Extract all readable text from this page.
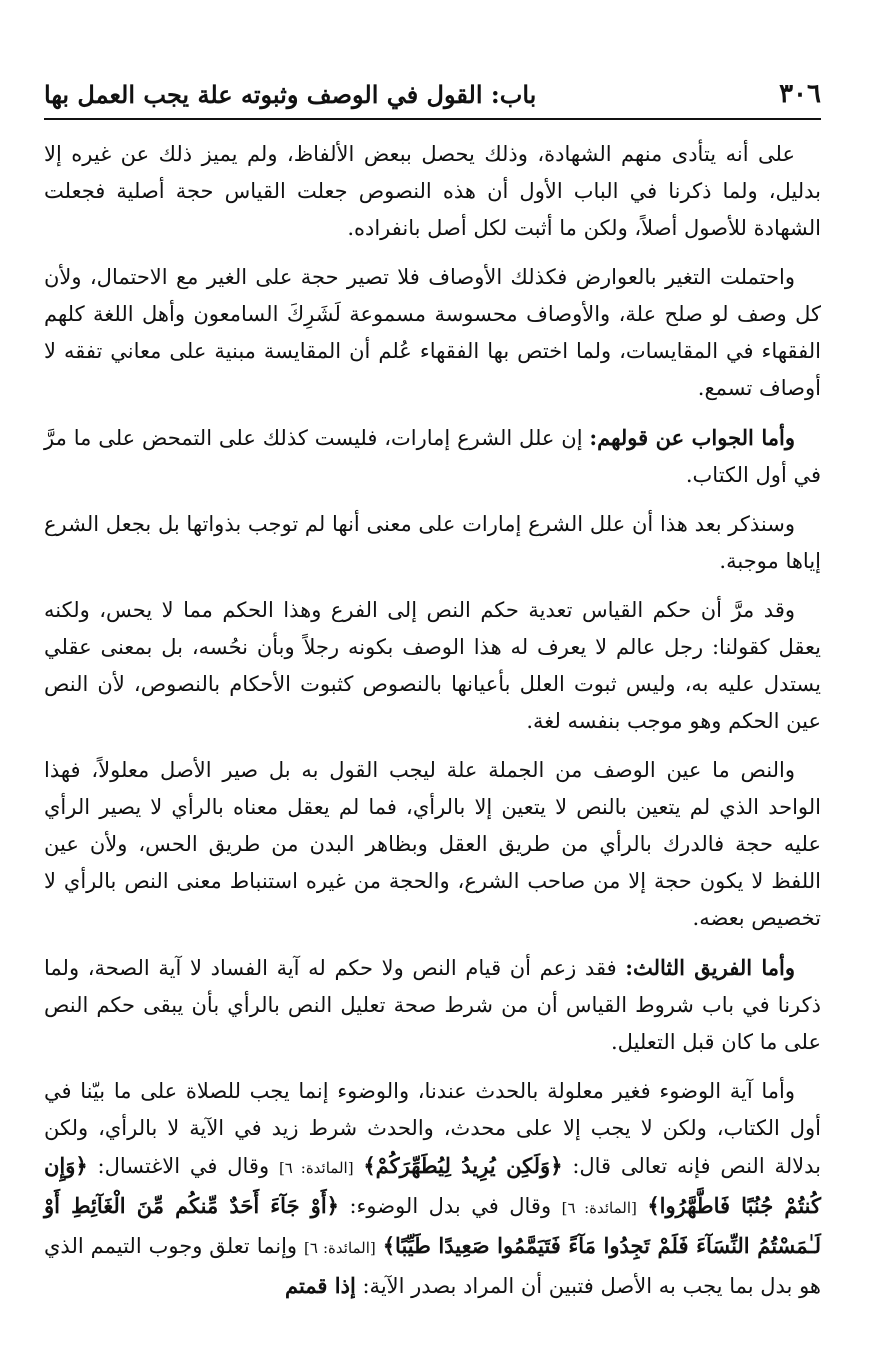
٣٠٦
باب: القول في الوصف وثبوته علة يجب العمل بها

على أنه يتأدى منهم الشهادة، وذلك يحصل ببعض الألفاظ، ولم يميز ذلك عن غيره إلا بدليل، ولما ذكرنا في الباب الأول أن هذه النصوص جعلت القياس حجة أصلية فجعلت الشهادة للأصول أصلاً، ولكن ما أثبت لكل أصل بانفراده.

واحتملت التغير بالعوارض فكذلك الأوصاف فلا تصير حجة على الغير مع الاحتمال، ولأن كل وصف لو صلح علة، والأوصاف محسوسة مسموعة لَشَرِكَ السامعون وأهل اللغة كلهم الفقهاء في المقايسات، ولما اختص بها الفقهاء عُلم أن المقايسة مبنية على معاني تفقه لا أوصاف تسمع.

وأما الجواب عن قولهم: إن علل الشرع إمارات، فليست كذلك على التمحض على ما مرَّ في أول الكتاب.

وسنذكر بعد هذا أن علل الشرع إمارات على معنى أنها لم توجب بذواتها بل بجعل الشرع إياها موجبة.

وقد مرَّ أن حكم القياس تعدية حكم النص إلى الفرع وهذا الحكم مما لا يحس، ولكنه يعقل كقولنا: رجل عالم لا يعرف له هذا الوصف بكونه رجلاً وبأن نحُسه، بل بمعنى عقلي يستدل عليه به، وليس ثبوت العلل بأعيانها بالنصوص كثبوت الأحكام بالنصوص، لأن النص عين الحكم وهو موجب بنفسه لغة.

والنص ما عين الوصف من الجملة علة ليجب القول به بل صير الأصل معلولاً، فهذا الواحد الذي لم يتعين بالنص لا يتعين إلا بالرأي، فما لم يعقل معناه بالرأي لا يصير الرأي عليه حجة فالدرك بالرأي من طريق العقل وبظاهر البدن من طريق الحس، ولأن عين اللفظ لا يكون حجة إلا من صاحب الشرع، والحجة من غيره استنباط معنى النص بالرأي لا تخصيص بعضه.

وأما الفريق الثالث: فقد زعم أن قيام النص ولا حكم له آية الفساد لا آية الصحة، ولما ذكرنا في باب شروط القياس أن من شرط صحة تعليل النص بالرأي بأن يبقى حكم النص على ما كان قبل التعليل.

وأما آية الوضوء فغير معلولة بالحدث عندنا، والوضوء إنما يجب للصلاة على ما بيّنا في أول الكتاب، ولكن لا يجب إلا على محدث، والحدث شرط زيد في الآية لا بالرأي، ولكن بدلالة النص فإنه تعالى قال: ﴿وَلَكِن يُرِيدُ لِيُطَهِّرَكُمْ﴾ [المائدة: ٦] وقال في الاغتسال: ﴿وَإِن كُنتُمْ جُنُبًا فَاطَّهَّرُوا﴾ [المائدة: ٦] وقال في بدل الوضوء: ﴿أَوْ جَآءَ أَحَدٌ مِّنكُم مِّنَ الْغَآئِطِ أَوْ لَـٰمَسْتُمُ النِّسَآءَ فَلَمْ تَجِدُوا مَآءً فَتَيَمَّمُوا صَعِيدًا طَيِّبًا﴾ [المائدة: ٦] وإنما تعلق وجوب التيمم الذي هو بدل بما يجب به الأصل فتبين أن المراد بصدر الآية: إذا قمتم
